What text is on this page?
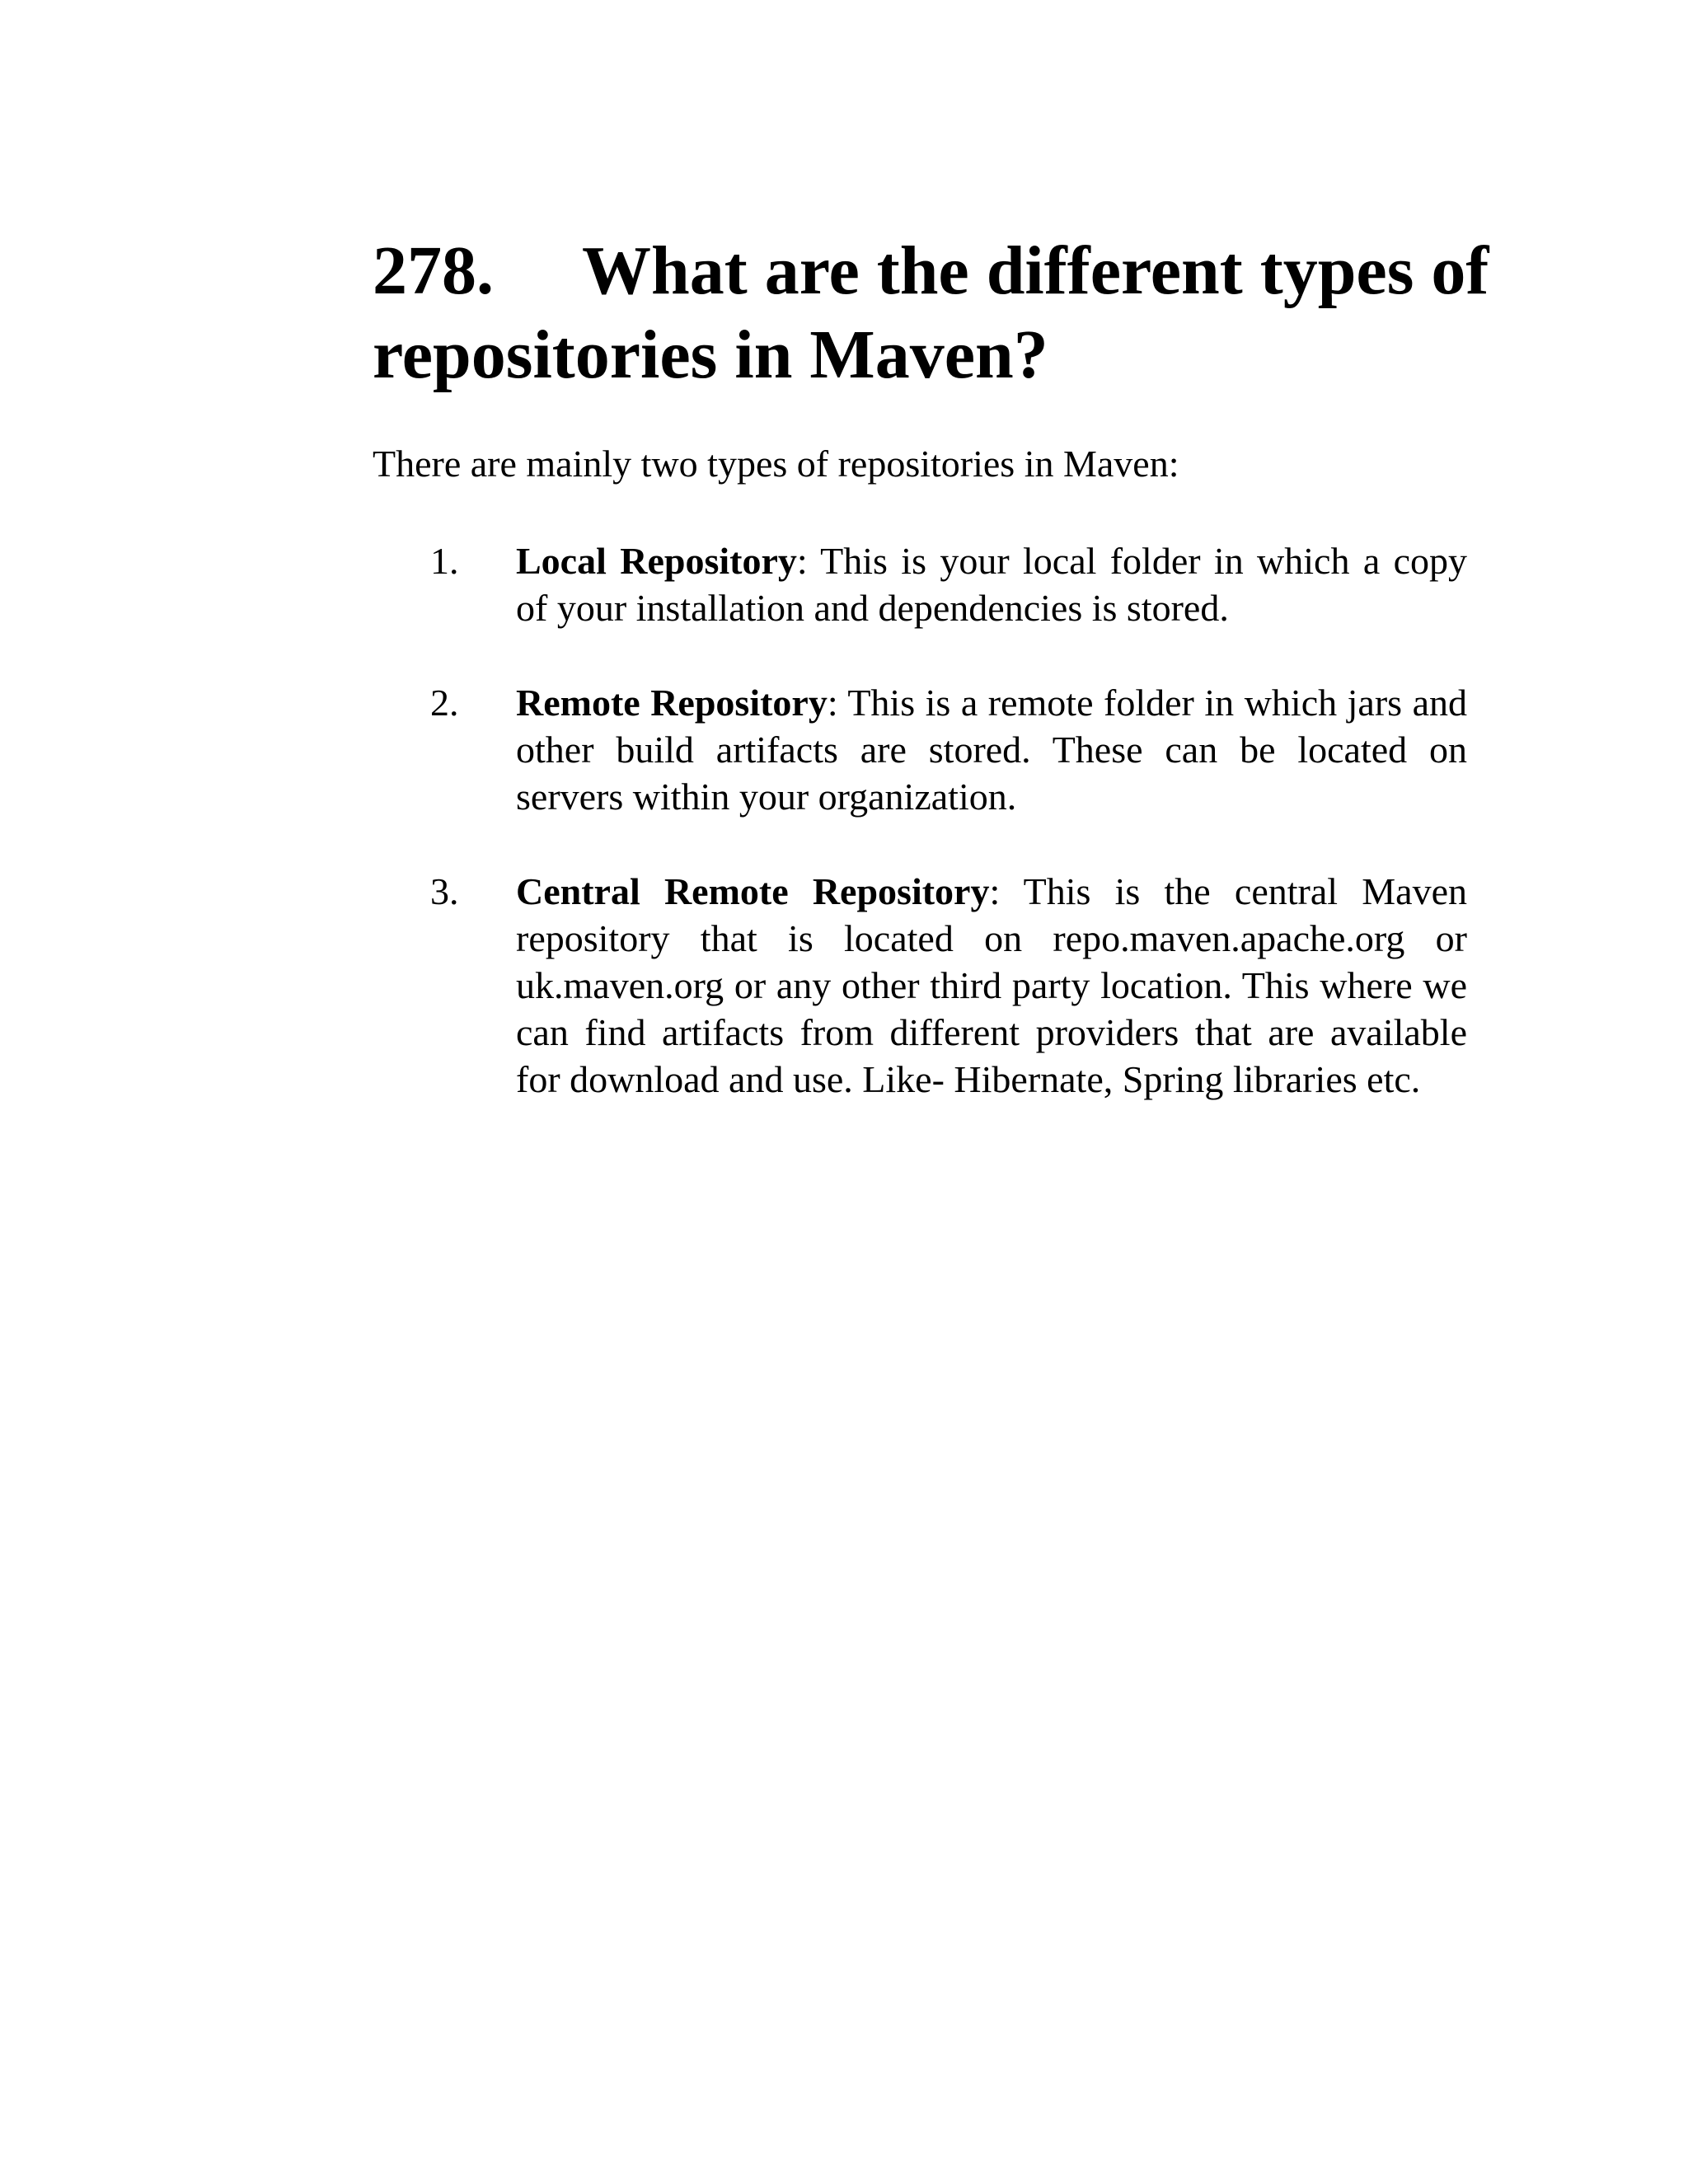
278. What are the different types of repositories in Maven?

There are mainly two types of repositories in Maven:

1. Local Repository: This is your local folder in which a copy of your installation and dependencies is stored.
2. Remote Repository: This is a remote folder in which jars and other build artifacts are stored. These can be located on servers within your organization.
3. Central Remote Repository: This is the central Maven repository that is located on repo.maven.apache.org or uk.maven.org or any other third party location. This where we can find artifacts from different providers that are available for download and use. Like- Hibernate, Spring libraries etc.
